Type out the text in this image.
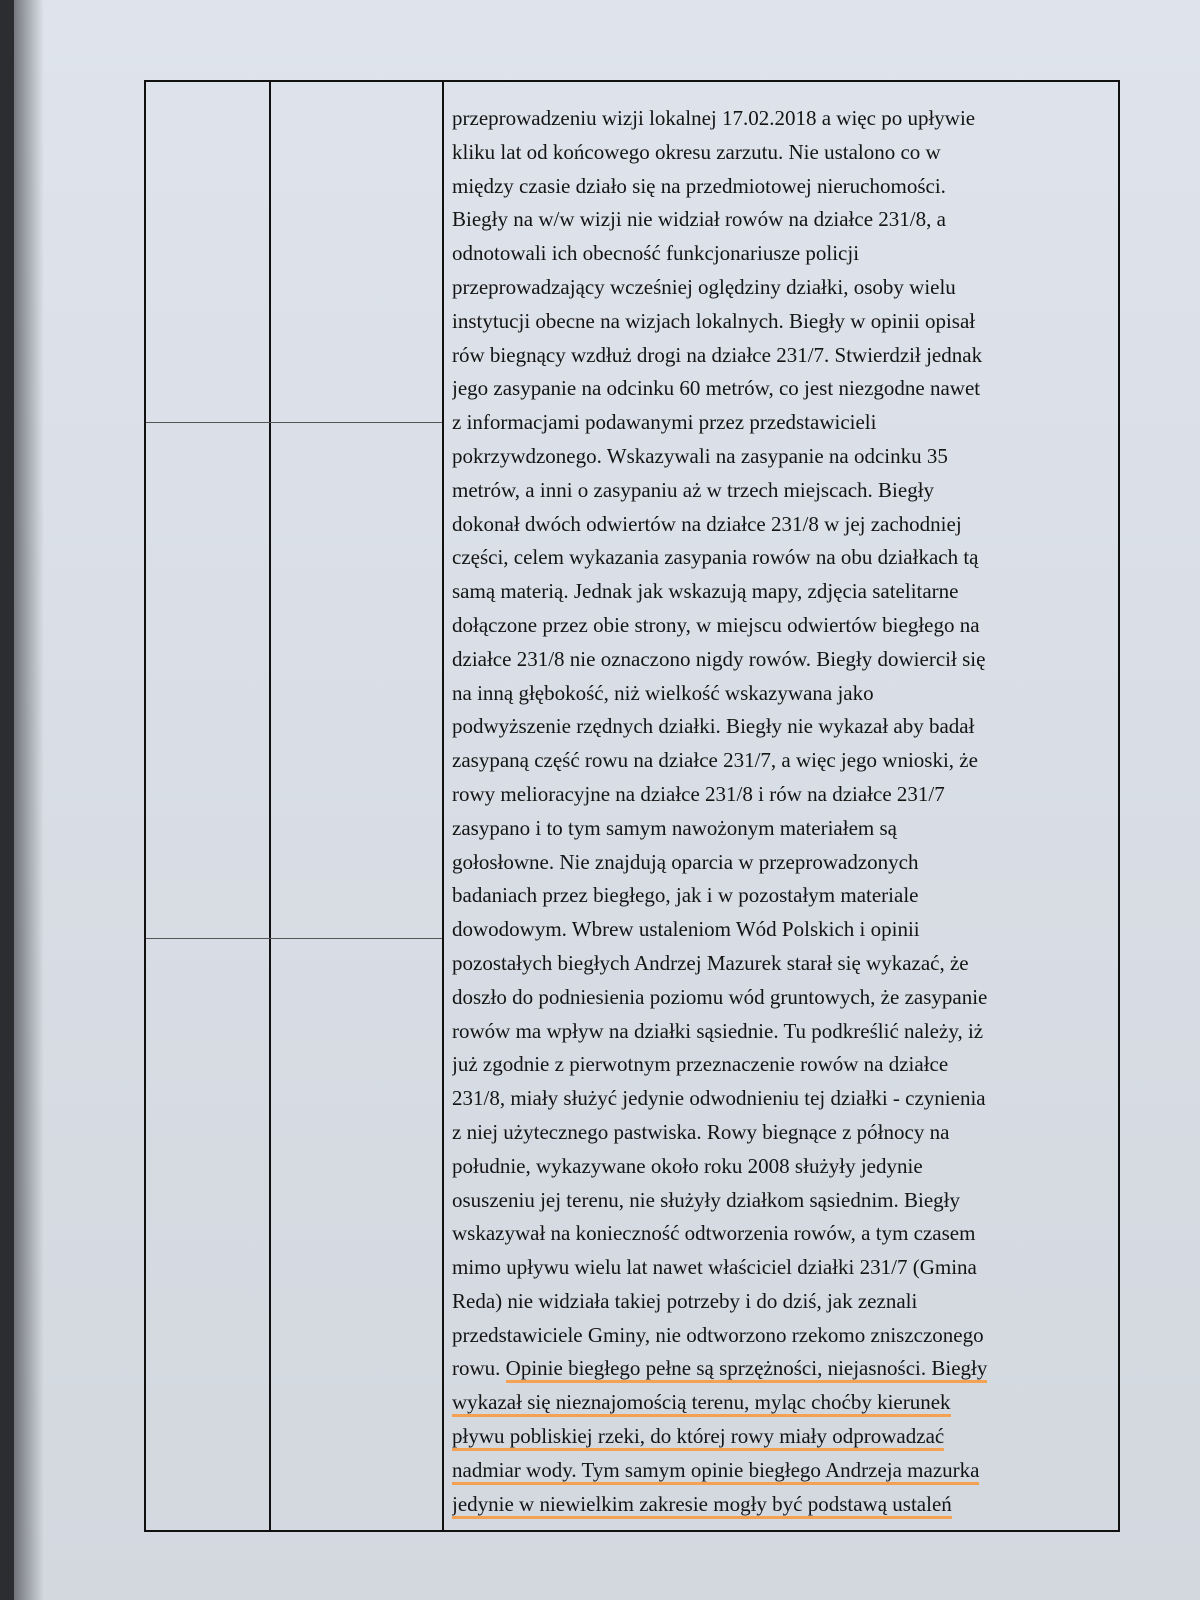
przeprowadzeniu wizji lokalnej 17.02.2018 a więc po upływie
kliku lat od końcowego okresu zarzutu. Nie ustalono co w
między czasie działo się na przedmiotowej nieruchomości.
Biegły na w/w wizji nie widział rowów na działce 231/8, a
odnotowali ich obecność funkcjonariusze policji
przeprowadzający wcześniej oględziny działki, osoby wielu
instytucji obecne na wizjach lokalnych. Biegły w opinii opisał
rów biegnący wzdłuż drogi na działce 231/7. Stwierdził jednak
jego zasypanie na odcinku 60 metrów, co jest niezgodne nawet
z informacjami podawanymi przez przedstawicieli
pokrzywdzonego. Wskazywali na zasypanie na odcinku 35
metrów, a inni o zasypaniu aż w trzech miejscach. Biegły
dokonał dwóch odwiertów na działce 231/8 w jej zachodniej
części, celem wykazania zasypania rowów na obu działkach tą
samą materią. Jednak jak wskazują mapy, zdjęcia satelitarne
dołączone przez obie strony, w miejscu odwiertów biegłego na
działce 231/8 nie oznaczono nigdy rowów. Biegły dowiercił się
na inną głębokość, niż wielkość wskazywana jako
podwyższenie rzędnych działki. Biegły nie wykazał aby badał
zasypaną część rowu na działce 231/7, a więc jego wnioski, że
rowy melioracyjne na działce 231/8 i rów na działce 231/7
zasypano i to tym samym nawożonym materiałem są
gołosłowne. Nie znajdują oparcia w przeprowadzonych
badaniach przez biegłego, jak i w pozostałym materiale
dowodowym. Wbrew ustaleniom Wód Polskich i opinii
pozostałych biegłych Andrzej Mazurek starał się wykazać, że
doszło do podniesienia poziomu wód gruntowych, że zasypanie
rowów ma wpływ na działki sąsiednie. Tu podkreślić należy, iż
już zgodnie z pierwotnym przeznaczenie rowów na działce
231/8, miały służyć jedynie odwodnieniu tej działki - czynienia
z niej użytecznego pastwiska. Rowy biegnące z północy na
południe, wykazywane około roku 2008 służyły jedynie
osuszeniu jej terenu, nie służyły działkom sąsiednim. Biegły
wskazywał na konieczność odtworzenia rowów, a tym czasem
mimo upływu wielu lat nawet właściciel działki 231/7 (Gmina
Reda) nie widziała takiej potrzeby i do dziś, jak zeznali
przedstawiciele Gminy, nie odtworzono rzekomo zniszczonego
rowu. Opinie biegłego pełne są sprzężności, niejasności. Biegły
wykazał się nieznajomością terenu, myląc choćby kierunek
pływu pobliskiej rzeki, do której rowy miały odprowadzać
nadmiar wody. Tym samym opinie biegłego Andrzeja mazurka
jedynie w niewielkim zakresie mogły być podstawą ustaleń
